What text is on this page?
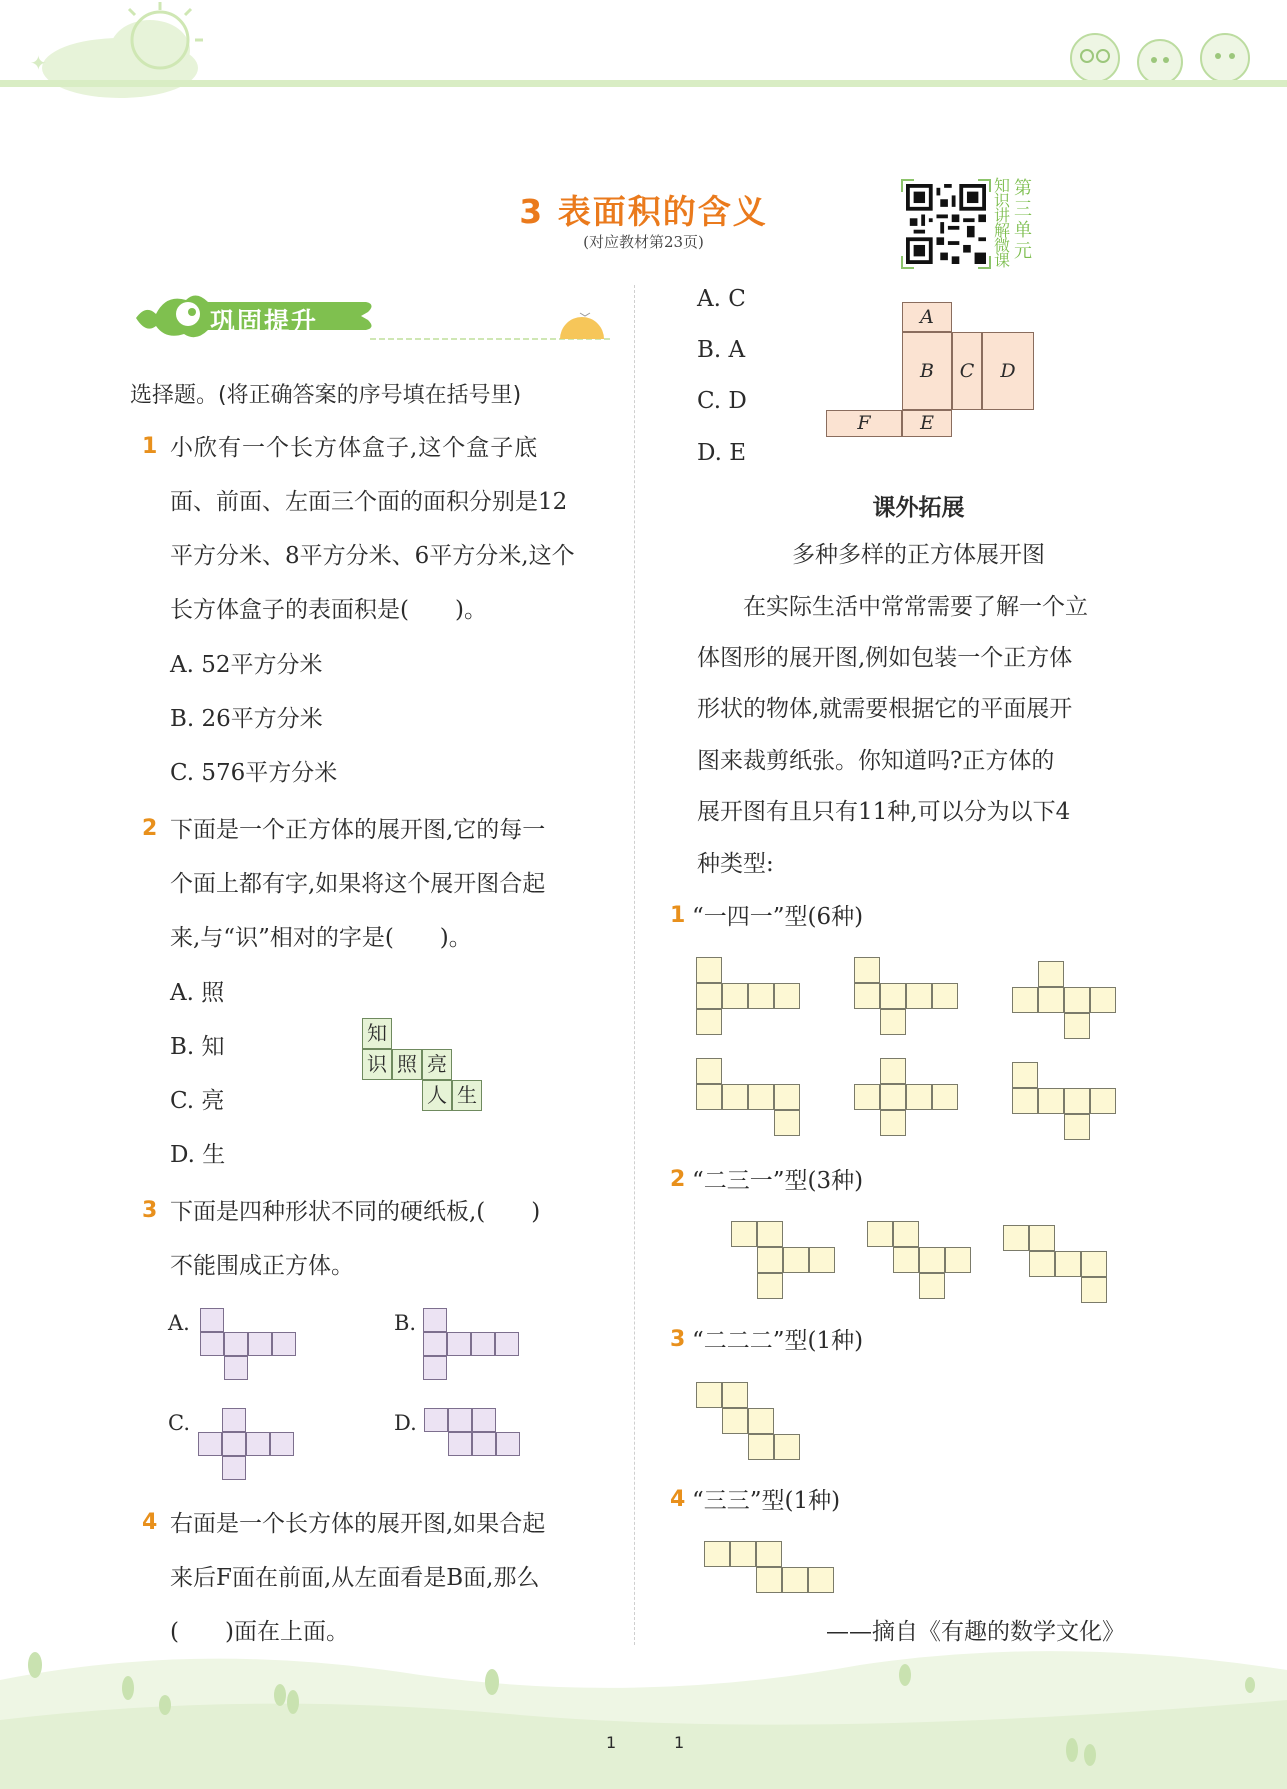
✦
3 表面积的含义
(对应教材第23页)
知识讲解微课
第三单元
巩固提升
选择题。(将正确答案的序号填在括号里)
1 小欣有一个长方体盒子,这个盒子底
面、前面、左面三个面的面积分别是12
平方分米、8平方分米、6平方分米,这个
长方体盒子的表面积是(　　)。
A. 52平方分米
B. 26平方分米
C. 576平方分米
2 下面是一个正方体的展开图,它的每一
个面上都有字,如果将这个展开图合起
来,与“识”相对的字是(　　)。
A. 照
B. 知
C. 亮
D. 生
知
识 照 亮
人 生
3 下面是四种形状不同的硬纸板,(　　)
不能围成正方体。
A.	B.
C.	D.
4 右面是一个长方体的展开图,如果合起
来后F面在前面,从左面看是B面,那么
(　　)面在上面。
A. C
B. A
C. D
D. E
A
B	C	D
F	E
课外拓展
多种多样的正方体展开图
　　在实际生活中常常需要了解一个立
体图形的展开图,例如包装一个正方体
形状的物体,就需要根据它的平面展开
图来裁剪纸张。你知道吗?正方体的
展开图有且只有11种,可以分为以下4
种类型:
1 “一四一”型(6种)
2 “二三一”型(3种)
3 “二二二”型(1种)
4 “三三”型(1种)
——摘自《有趣的数学文化》
1	1
